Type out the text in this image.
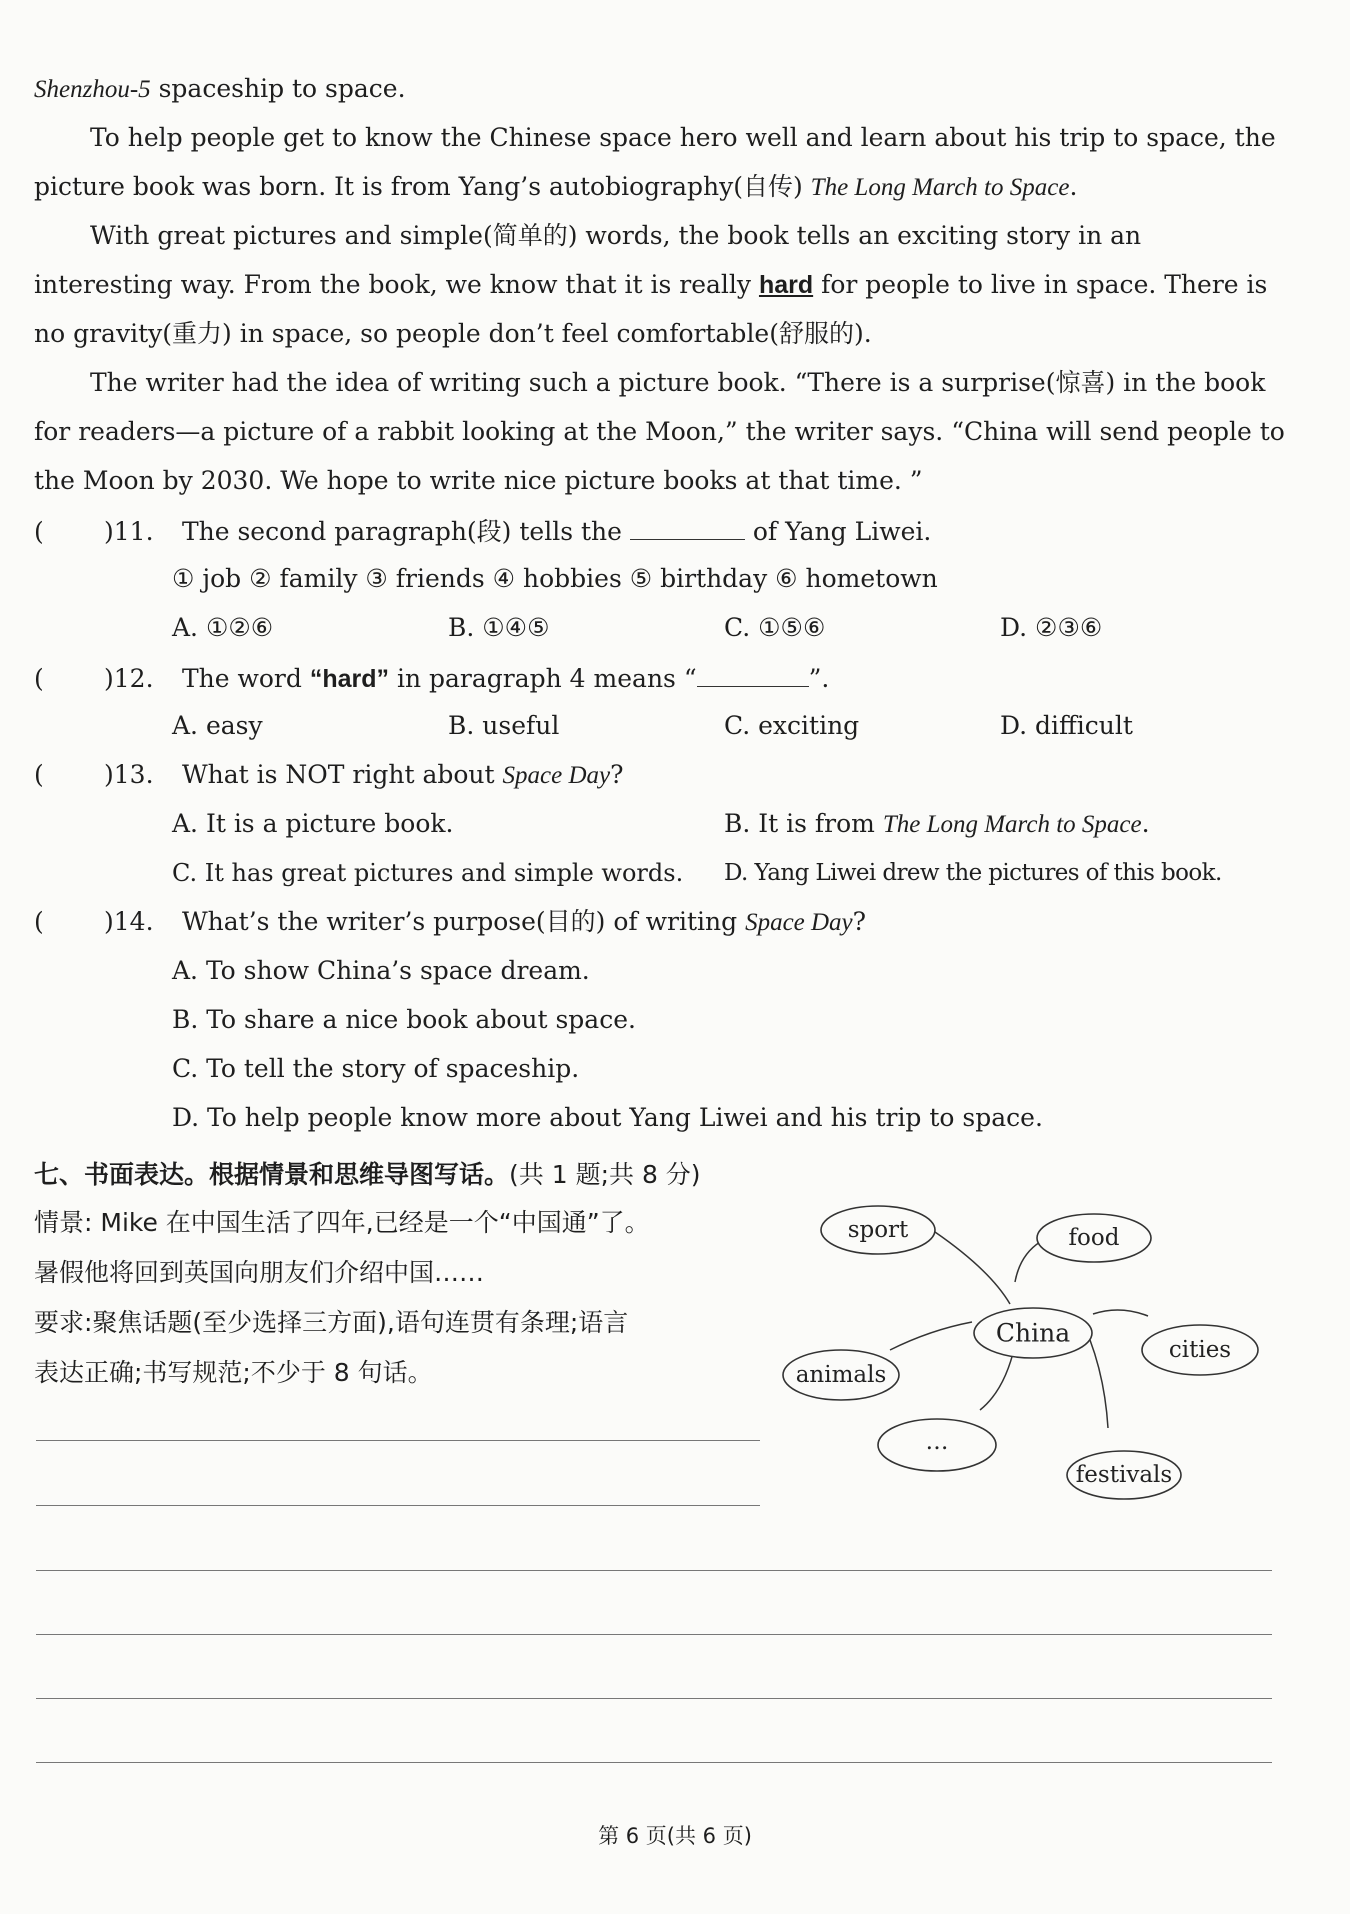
Shenzhou-5 spaceship to space.
To help people get to know the Chinese space hero well and learn about his trip to space, the
picture book was born. It is from Yang’s autobiography(自传) The Long March to Space.
With great pictures and simple(简单的) words, the book tells an exciting story in an
interesting way. From the book, we know that it is really hard for people to live in space. There is
no gravity(重力) in space, so people don’t feel comfortable(舒服的).
The writer had the idea of writing such a picture book. “There is a surprise(惊喜) in the book
for readers—a picture of a rabbit looking at the Moon,” the writer says. “China will send people to
the Moon by 2030. We hope to write nice picture books at that time. ”
( )11. The second paragraph(段) tells the	of Yang Liwei.
① job ② family ③ friends ④ hobbies ⑤ birthday ⑥ hometown
A. ①②⑥	B. ①④⑤	C. ①⑤⑥	D. ②③⑥
( )12. The word “hard” in paragraph 4 means “	”.
A. easy	B. useful	C. exciting	D. difficult
( )13. What is NOT right about Space Day?
A. It is a picture book.	B. It is from The Long March to Space.
C. It has great pictures and simple words. D. Yang Liwei drew the pictures of this book.
( )14. What’s the writer’s purpose(目的) of writing Space Day?
A. To show China’s space dream.
B. To share a nice book about space.
C. To tell the story of spaceship.
D. To help people know more about Yang Liwei and his trip to space.
七、书面表达。根据情景和思维导图写话。(共 1 题;共 8 分)
情景: Mike 在中国生活了四年,已经是一个“中国通”了。
暑假他将回到英国向朋友们介绍中国……
要求:聚焦话题(至少选择三方面),语句连贯有条理;语言
表达正确;书写规范;不少于 8 句话。
sport	food
China
cities
animals
…
festivals
第 6 页(共 6 页)
